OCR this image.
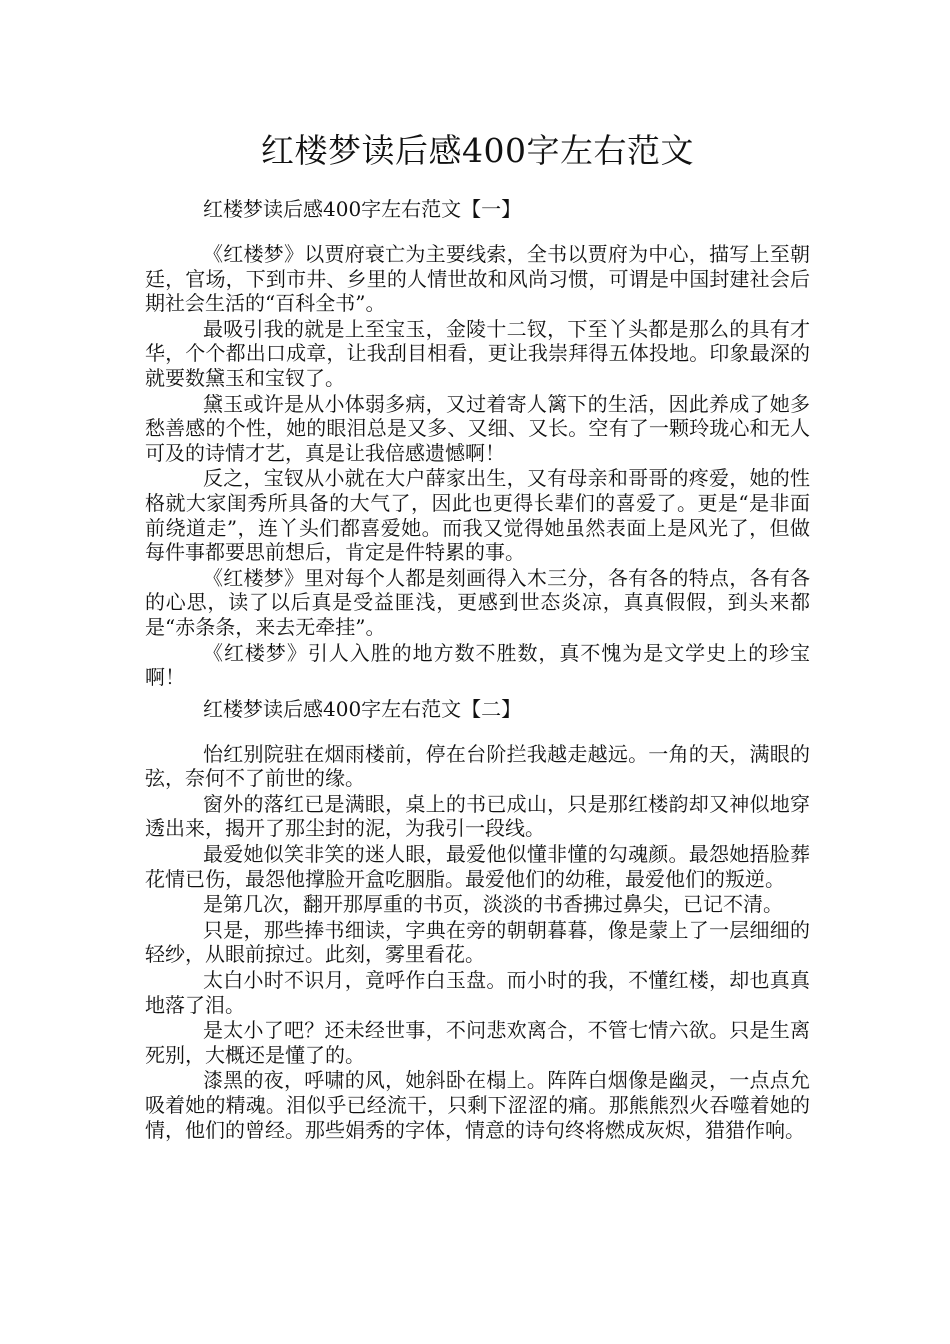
红楼梦读后感400字左右范文

红楼梦读后感400字左右范文【一】

《红楼梦》以贾府衰亡为主要线索，全书以贾府为中心，描写上至朝廷，官场，下到市井、乡里的人情世故和风尚习惯，可谓是中国封建社会后期社会生活的“百科全书”。

最吸引我的就是上至宝玉，金陵十二钗，下至丫头都是那么的具有才华，个个都出口成章，让我刮目相看，更让我崇拜得五体投地。印象最深的就要数黛玉和宝钗了。

黛玉或许是从小体弱多病，又过着寄人篱下的生活，因此养成了她多愁善感的个性，她的眼泪总是又多、又细、又长。空有了一颗玲珑心和无人可及的诗情才艺，真是让我倍感遗憾啊！

反之，宝钗从小就在大户薛家出生，又有母亲和哥哥的疼爱，她的性格就大家闺秀所具备的大气了，因此也更得长辈们的喜爱了。更是“是非面前绕道走”，连丫头们都喜爱她。而我又觉得她虽然表面上是风光了，但做每件事都要思前想后，肯定是件特累的事。

《红楼梦》里对每个人都是刻画得入木三分，各有各的特点，各有各的心思，读了以后真是受益匪浅，更感到世态炎凉，真真假假，到头来都是“赤条条，来去无牵挂”。

《红楼梦》引人入胜的地方数不胜数，真不愧为是文学史上的珍宝啊！

红楼梦读后感400字左右范文【二】

怡红别院驻在烟雨楼前，停在台阶拦我越走越远。一角的天，满眼的弦，奈何不了前世的缘。

窗外的落红已是满眼，桌上的书已成山，只是那红楼韵却又神似地穿透出来，揭开了那尘封的泥，为我引一段线。

最爱她似笑非笑的迷人眼，最爱他似懂非懂的勾魂颜。最怨她捂脸葬花情已伤，最怨他撑脸开盒吃胭脂。最爱他们的幼稚，最爱他们的叛逆。

是第几次，翻开那厚重的书页，淡淡的书香拂过鼻尖，已记不清。

只是，那些捧书细读，字典在旁的朝朝暮暮，像是蒙上了一层细细的轻纱，从眼前掠过。此刻，雾里看花。

太白小时不识月，竟呼作白玉盘。而小时的我，不懂红楼，却也真真地落了泪。

是太小了吧？还未经世事，不问悲欢离合，不管七情六欲。只是生离死别，大概还是懂了的。

漆黑的夜，呼啸的风，她斜卧在榻上。阵阵白烟像是幽灵，一点点允吸着她的精魂。泪似乎已经流干，只剩下涩涩的痛。那熊熊烈火吞噬着她的情，他们的曾经。那些娟秀的字体，情意的诗句终将燃成灰烬，猎猎作响。
